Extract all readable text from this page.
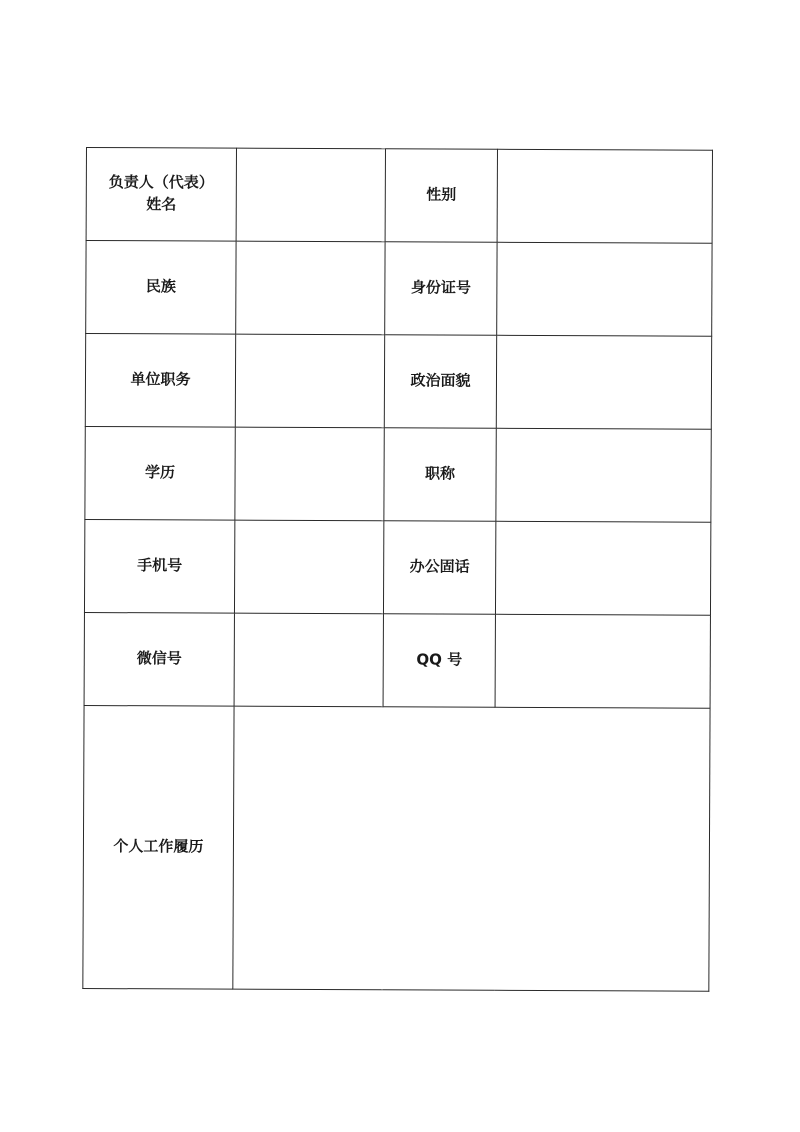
负责人（代表）
姓名		性别	
民族		身份证号	
单位职务		政治面貌	
学历		职称	
手机号		办公固话	
微信号		QQ 号	
个人工作履历			
